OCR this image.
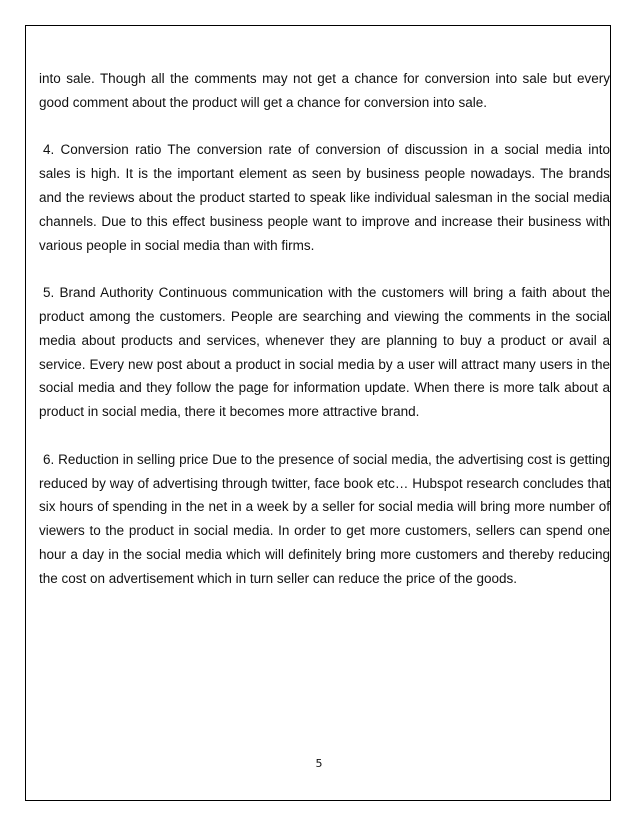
into sale. Though all the comments may not get a chance for conversion into sale but every good comment about the product will get a chance for conversion into sale.

4. Conversion ratio The conversion rate of conversion of discussion in a social media into sales is high. It is the important element as seen by business people nowadays. The brands and the reviews about the product started to speak like individual salesman in the social media channels. Due to this effect business people want to improve and increase their business with various people in social media than with firms.

5. Brand Authority Continuous communication with the customers will bring a faith about the product among the customers. People are searching and viewing the comments in the social media about products and services, whenever they are planning to buy a product or avail a service. Every new post about a product in social media by a user will attract many users in the social media and they follow the page for information update. When there is more talk about a product in social media, there it becomes more attractive brand.

6. Reduction in selling price Due to the presence of social media, the advertising cost is getting reduced by way of advertising through twitter, face book etc… Hubspot research concludes that six hours of spending in the net in a week by a seller for social media will bring more number of viewers to the product in social media. In order to get more customers, sellers can spend one hour a day in the social media which will definitely bring more customers and thereby reducing the cost on advertisement which in turn seller can reduce the price of the goods.

5
